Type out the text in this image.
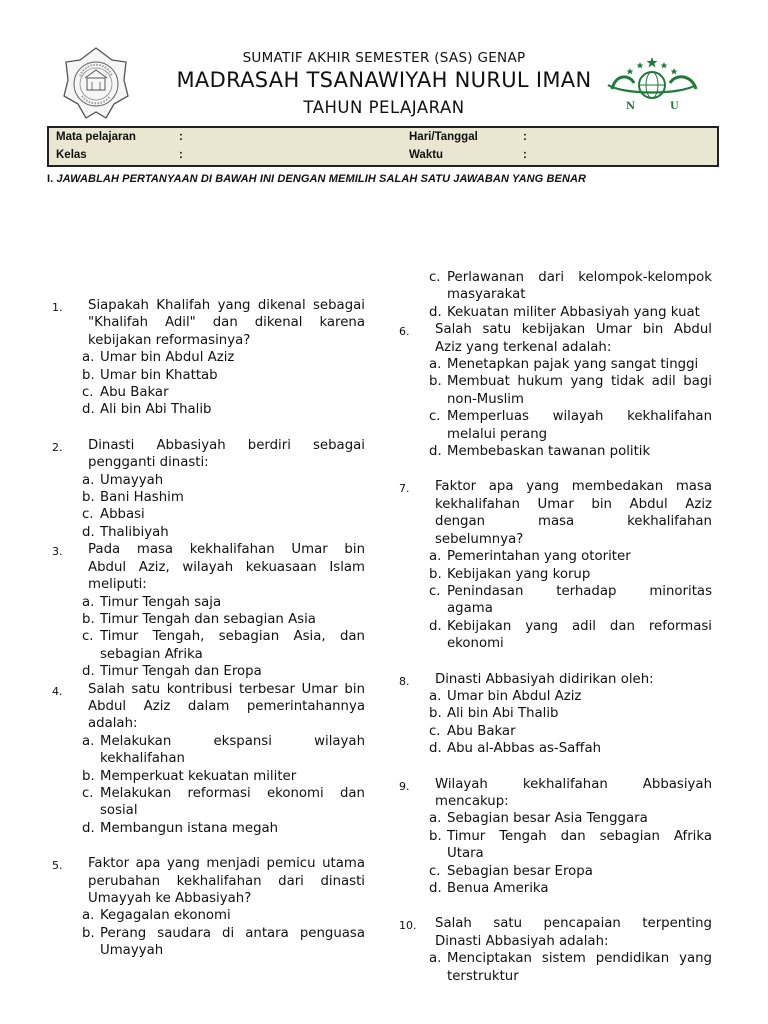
N	U
SUMATIF AKHIR SEMESTER (SAS) GENAP
MADRASAH TSANAWIYAH NURUL IMAN
TAHUN PELAJARAN
Mata pelajaran	:
Kelas	:
Hari/Tanggal	:
Waktu	:
I. JAWABLAH PERTANYAAN DI BAWAH INI DENGAN MEMILIH SALAH SATU JAWABAN YANG BENAR
1. Siapakah Khalifah yang dikenal sebagai
"Khalifah Adil" dan dikenal karena
kebijakan reformasinya?
a. Umar bin Abdul Aziz
b. Umar bin Khattab
c. Abu Bakar
d. Ali bin Abi Thalib
2. Dinasti Abbasiyah berdiri sebagai
pengganti dinasti:
a. Umayyah
b. Bani Hashim
c. Abbasi
d. Thalibiyah
3. Pada masa kekhalifahan Umar bin
Abdul Aziz, wilayah kekuasaan Islam
meliputi:
a. Timur Tengah saja
b. Timur Tengah dan sebagian Asia
c. Timur Tengah, sebagian Asia, dan
sebagian Afrika
d. Timur Tengah dan Eropa
4. Salah satu kontribusi terbesar Umar bin
Abdul Aziz dalam pemerintahannya
adalah:
a. Melakukan ekspansi wilayah
kekhalifahan
b. Memperkuat kekuatan militer
c. Melakukan reformasi ekonomi dan
sosial
d. Membangun istana megah
5. Faktor apa yang menjadi pemicu utama
perubahan kekhalifahan dari dinasti
Umayyah ke Abbasiyah?
a. Kegagalan ekonomi
b. Perang saudara di antara penguasa
Umayyah
c. Perlawanan dari kelompok-kelompok
masyarakat
d. Kekuatan militer Abbasiyah yang kuat
6. Salah satu kebijakan Umar bin Abdul
Aziz yang terkenal adalah:
a. Menetapkan pajak yang sangat tinggi
b. Membuat hukum yang tidak adil bagi
non-Muslim
c. Memperluas wilayah kekhalifahan
melalui perang
d. Membebaskan tawanan politik
7. Faktor apa yang membedakan masa
kekhalifahan Umar bin Abdul Aziz
dengan masa kekhalifahan
sebelumnya?
a. Pemerintahan yang otoriter
b. Kebijakan yang korup
c. Penindasan terhadap minoritas
agama
d. Kebijakan yang adil dan reformasi
ekonomi
8. Dinasti Abbasiyah didirikan oleh:
a. Umar bin Abdul Aziz
b. Ali bin Abi Thalib
c. Abu Bakar
d. Abu al-Abbas as-Saffah
9. Wilayah kekhalifahan Abbasiyah
mencakup:
a. Sebagian besar Asia Tenggara
b. Timur Tengah dan sebagian Afrika
Utara
c. Sebagian besar Eropa
d. Benua Amerika
10. Salah satu pencapaian terpenting
Dinasti Abbasiyah adalah:
a. Menciptakan sistem pendidikan yang
terstruktur
